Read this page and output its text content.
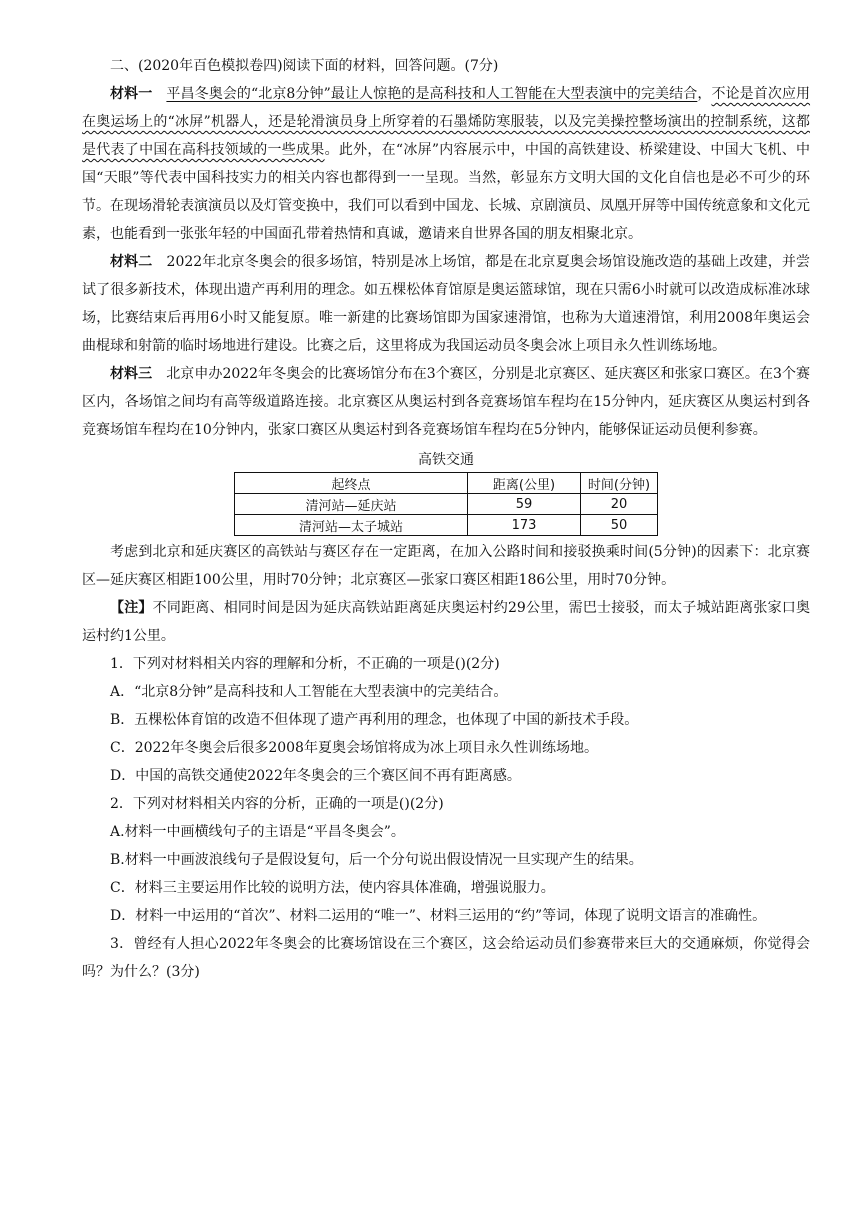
二、(2020年百色模拟卷四)阅读下面的材料，回答问题。(7分)

材料一　 平昌冬奥会的“北京8分钟”最让人惊艳的是高科技和人工智能在大型表演中的完美结合，不论是首次应用在奥运场上的“冰屏”机器人，还是轮滑演员身上所穿着的石墨烯防寒服装，以及完美操控整场演出的控制系统，这都是代表了中国在高科技领域的一些成果。此外，在“冰屏”内容展示中，中国的高铁建设、桥梁建设、中国大飞机、中国“天眼”等代表中国科技实力的相关内容也都得到一一呈现。当然，彰显东方文明大国的文化自信也是必不可少的环节。在现场滑轮表演演员以及灯管变换中，我们可以看到中国龙、长城、京剧演员、凤凰开屏等中国传统意象和文化元素，也能看到一张张年轻的中国面孔带着热情和真诚，邀请来自世界各国的朋友相聚北京。

材料二　 2022年北京冬奥会的很多场馆，特别是冰上场馆，都是在北京夏奥会场馆设施改造的基础上改建，并尝试了很多新技术，体现出遗产再利用的理念。如五棵松体育馆原是奥运篮球馆，现在只需6小时就可以改造成标准冰球场，比赛结束后再用6小时又能复原。唯一新建的比赛场馆即为国家速滑馆，也称为大道速滑馆，利用2008年奥运会曲棍球和射箭的临时场地进行建设。比赛之后，这里将成为我国运动员冬奥会冰上项目永久性训练场地。

材料三　 北京申办2022年冬奥会的比赛场馆分布在3个赛区，分别是北京赛区、延庆赛区和张家口赛区。在3个赛区内，各场馆之间均有高等级道路连接。北京赛区从奥运村到各竞赛场馆车程均在15分钟内，延庆赛区从奥运村到各竞赛场馆车程均在10分钟内，张家口赛区从奥运村到各竞赛场馆车程均在5分钟内，能够保证运动员便利参赛。

高铁交通
起终点	距离(公里)	时间(分钟)
清河站—延庆站	59	20
清河站—太子城站	173	50

考虑到北京和延庆赛区的高铁站与赛区存在一定距离，在加入公路时间和接驳换乘时间(5分钟)的因素下：北京赛区—延庆赛区相距100公里，用时70分钟；北京赛区—张家口赛区相距186公里，用时70分钟。

【注】不同距离、相同时间是因为延庆高铁站距离延庆奥运村约29公里，需巴士接驳，而太子城站距离张家口奥运村约1公里。

1．下列对材料相关内容的理解和分析，不正确的一项是()(2分)

A．“北京8分钟”是高科技和人工智能在大型表演中的完美结合。

B．五棵松体育馆的改造不但体现了遗产再利用的理念，也体现了中国的新技术手段。

C．2022年冬奥会后很多2008年夏奥会场馆将成为冰上项目永久性训练场地。

D．中国的高铁交通使2022年冬奥会的三个赛区间不再有距离感。

2．下列对材料相关内容的分析，正确的一项是()(2分)

A.材料一中画横线句子的主语是“平昌冬奥会”。

B.材料一中画波浪线句子是假设复句，后一个分句说出假设情况一旦实现产生的结果。

C．材料三主要运用作比较的说明方法，使内容具体准确，增强说服力。

D．材料一中运用的“首次”、材料二运用的“唯一”、材料三运用的“约”等词，体现了说明文语言的准确性。

3．曾经有人担心2022年冬奥会的比赛场馆设在三个赛区，这会给运动员们参赛带来巨大的交通麻烦，你觉得会吗？为什么？(3分)
